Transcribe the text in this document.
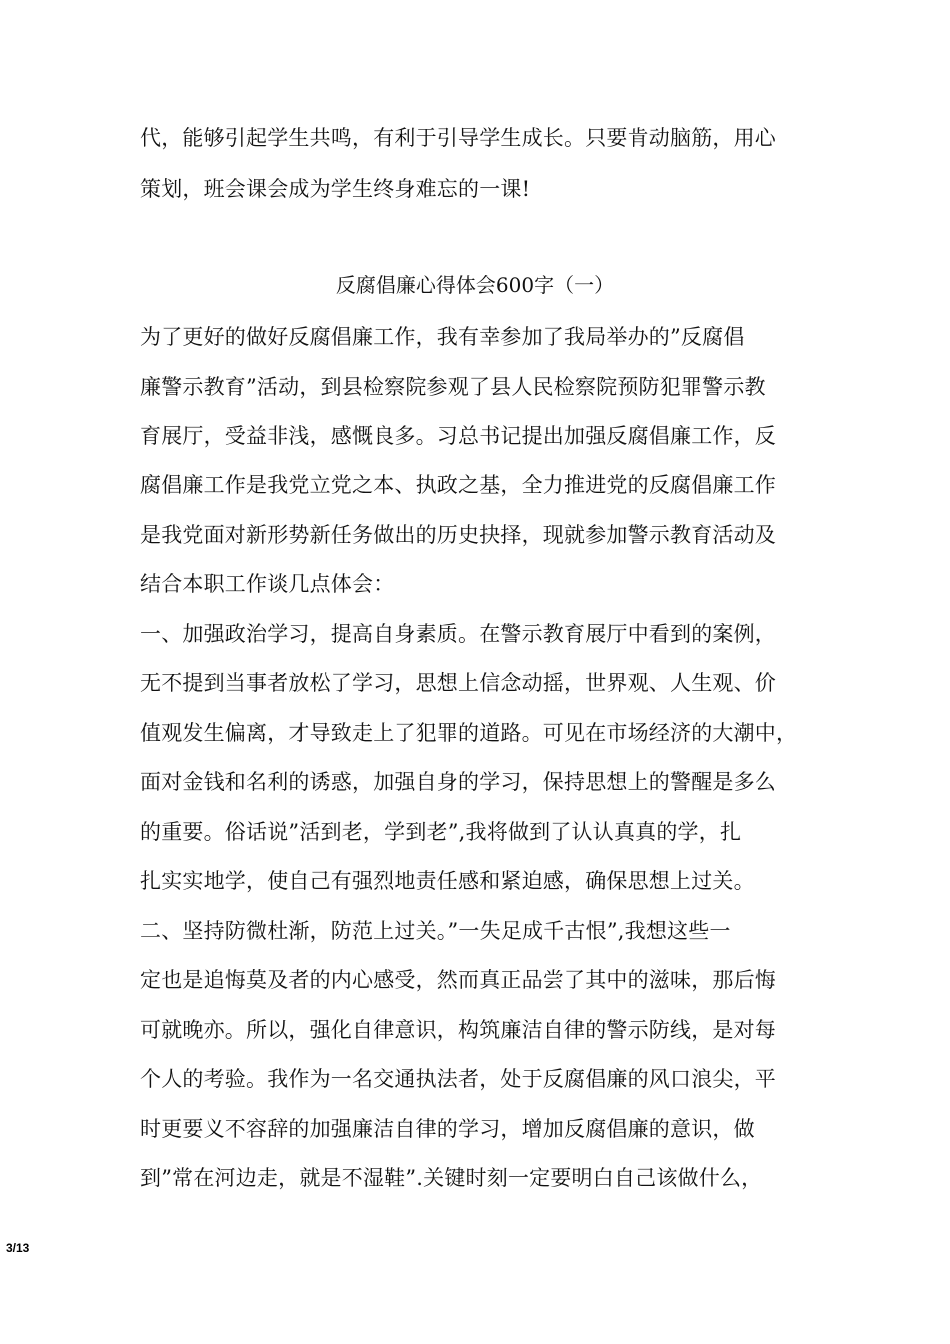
代，能够引起学生共鸣，有利于引导学生成长。只要肯动脑筋，用心
策划，班会课会成为学生终身难忘的一课!
反腐倡廉心得体会600字（一）
为了更好的做好反腐倡廉工作，我有幸参加了我局举办的”反腐倡
廉警示教育”活动，到县检察院参观了县人民检察院预防犯罪警示教
育展厅，受益非浅，感慨良多。习总书记提出加强反腐倡廉工作，反
腐倡廉工作是我党立党之本、执政之基，全力推进党的反腐倡廉工作
是我党面对新形势新任务做出的历史抉择，现就参加警示教育活动及
结合本职工作谈几点体会：
一、加强政治学习，提高自身素质。在警示教育展厅中看到的案例，
无不提到当事者放松了学习，思想上信念动摇，世界观、人生观、价
值观发生偏离，才导致走上了犯罪的道路。可见在市场经济的大潮中，
面对金钱和名利的诱惑，加强自身的学习，保持思想上的警醒是多么
的重要。俗话说”活到老，学到老”,我将做到了认认真真的学，扎
扎实实地学，使自己有强烈地责任感和紧迫感，确保思想上过关。
二、坚持防微杜渐，防范上过关。”一失足成千古恨”,我想这些一
定也是追悔莫及者的内心感受，然而真正品尝了其中的滋味，那后悔
可就晚亦。所以，强化自律意识，构筑廉洁自律的警示防线，是对每
个人的考验。我作为一名交通执法者，处于反腐倡廉的风口浪尖，平
时更要义不容辞的加强廉洁自律的学习，增加反腐倡廉的意识，做
到”常在河边走，就是不湿鞋”.关键时刻一定要明白自己该做什么，
3/13
